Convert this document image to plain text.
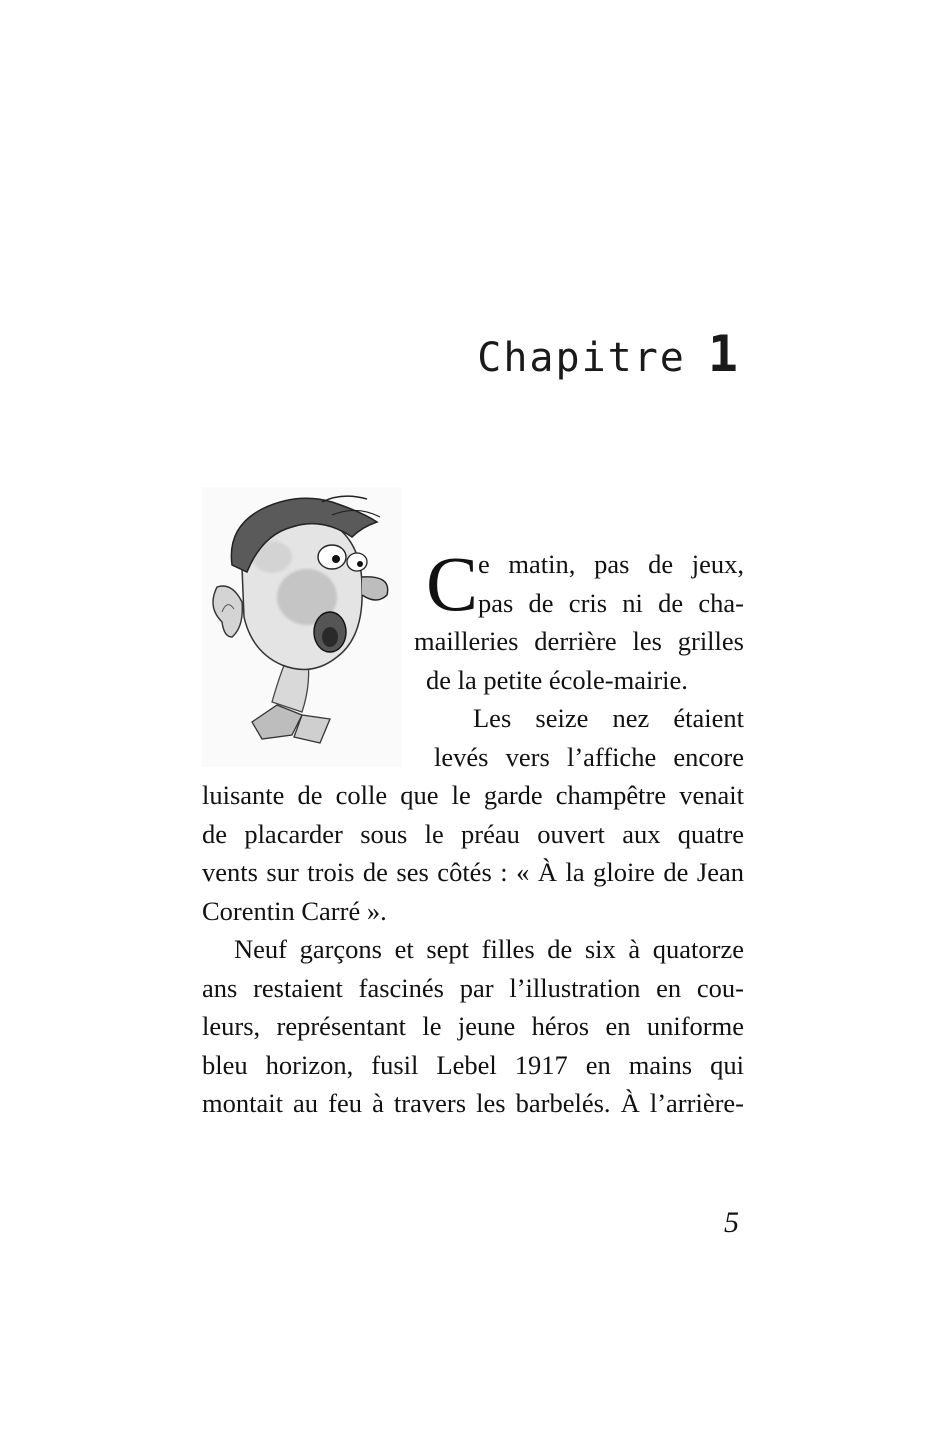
Chapitre 1
C e matin, pas de jeux,
pas de cris ni de cha-
mailleries derrière les grilles
de la petite école-mairie.
Les seize nez étaient
levés vers l’affiche encore
luisante de colle que le garde champêtre venait
de placarder sous le préau ouvert aux quatre
vents sur trois de ses côtés : « À la gloire de Jean
Corentin Carré ».
Neuf garçons et sept filles de six à quatorze
ans restaient fascinés par l’illustration en cou-
leurs, représentant le jeune héros en uniforme
bleu horizon, fusil Lebel 1917 en mains qui
montait au feu à travers les barbelés. À l’arrière-
5
